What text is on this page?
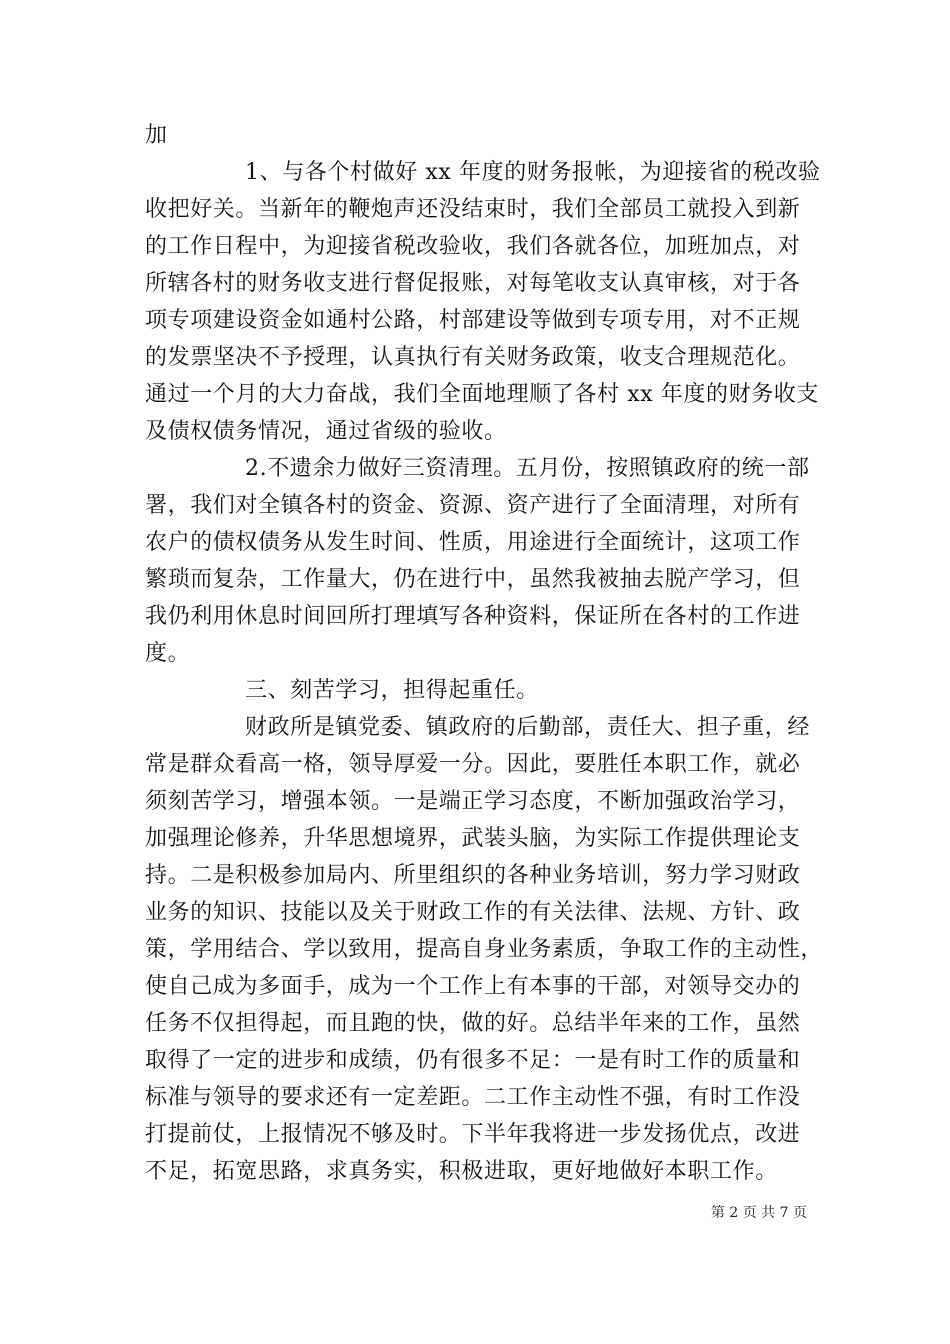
加
1、与各个村做好 xx 年度的财务报帐，为迎接省的税改验
收把好关。当新年的鞭炮声还没结束时，我们全部员工就投入到新
的工作日程中，为迎接省税改验收，我们各就各位，加班加点，对
所辖各村的财务收支进行督促报账，对每笔收支认真审核，对于各
项专项建设资金如通村公路，村部建设等做到专项专用，对不正规
的发票坚决不予授理，认真执行有关财务政策，收支合理规范化。
通过一个月的大力奋战，我们全面地理顺了各村 xx 年度的财务收支
及债权债务情况，通过省级的验收。
2.不遗余力做好三资清理。五月份，按照镇政府的统一部
署，我们对全镇各村的资金、资源、资产进行了全面清理，对所有
农户的债权债务从发生时间、性质，用途进行全面统计，这项工作
繁琐而复杂，工作量大，仍在进行中，虽然我被抽去脱产学习，但
我仍利用休息时间回所打理填写各种资料，保证所在各村的工作进
度。
三、刻苦学习，担得起重任。
财政所是镇党委、镇政府的后勤部，责任大、担子重，经
常是群众看高一格，领导厚爱一分。因此，要胜任本职工作，就必
须刻苦学习，增强本领。一是端正学习态度，不断加强政治学习，
加强理论修养，升华思想境界，武装头脑，为实际工作提供理论支
持。二是积极参加局内、所里组织的各种业务培训，努力学习财政
业务的知识、技能以及关于财政工作的有关法律、法规、方针、政
策，学用结合、学以致用，提高自身业务素质，争取工作的主动性，
使自己成为多面手，成为一个工作上有本事的干部，对领导交办的
任务不仅担得起，而且跑的快，做的好。总结半年来的工作，虽然
取得了一定的进步和成绩，仍有很多不足：一是有时工作的质量和
标准与领导的要求还有一定差距。二工作主动性不强，有时工作没
打提前仗，上报情况不够及时。下半年我将进一步发扬优点，改进
不足，拓宽思路，求真务实，积极进取，更好地做好本职工作。
第 2 页 共 7 页
